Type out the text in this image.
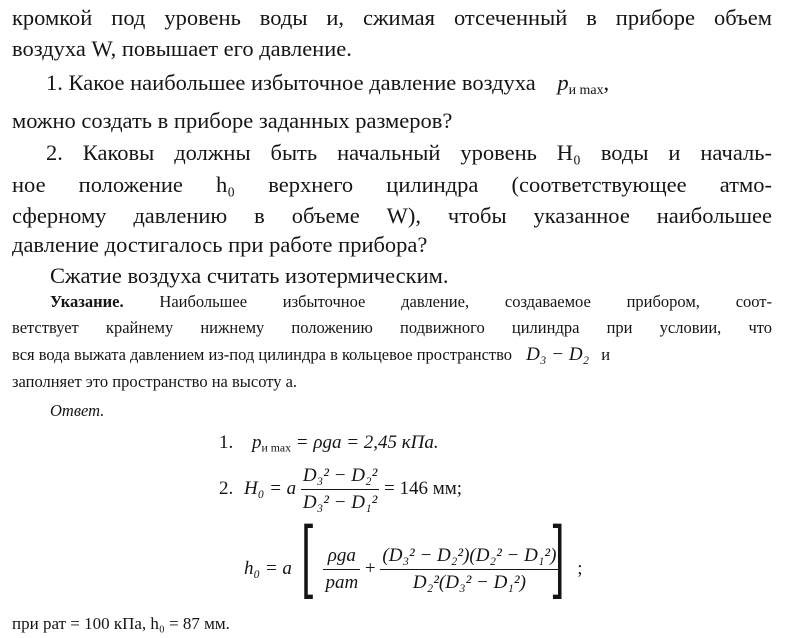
кромкой под уровень воды и, сжимая отсеченный в приборе объем
воздуха W, повышает его давление.
1. Какое наибольшее избыточное давление воздуха $p_{и max}$,
можно создать в приборе заданных размеров?
2. Каковы должны быть начальный уровень H₀ воды и началь-
ное положение h₀ верхнего цилиндра (соответствующее атмо-
сферному давлению в объеме W), чтобы указанное наибольшее
давление достигалось при работе прибора?
Сжатие воздуха считать изотермическим.
Указание. Наибольшее избыточное давление, создаваемое прибором, соот-
ветствует крайнему нижнему положению подвижного цилиндра при условии, что
вся вода выжата давлением из-под цилиндра в кольцевое пространство D₃ − D₂ и
заполняет это пространство на высоту a.
Ответ.
1. $p_{и max} = \rho ga = 2,45$ кПа.
2. H₀ = a $\frac{\text{D₃² − D₂²}}{\text{D₃² − D₁²}} = 146$ мм;
h₀ = a $\frac{\text{ρga}}{\text{pат}} + \frac{\text{(D₃² − D₂²)(D₂² − D₁²)}}{\text{D₂²(D₃² − D₁²)}}$ ;
[	]
при pат = 100 кПа, h₀ = 87 мм.
